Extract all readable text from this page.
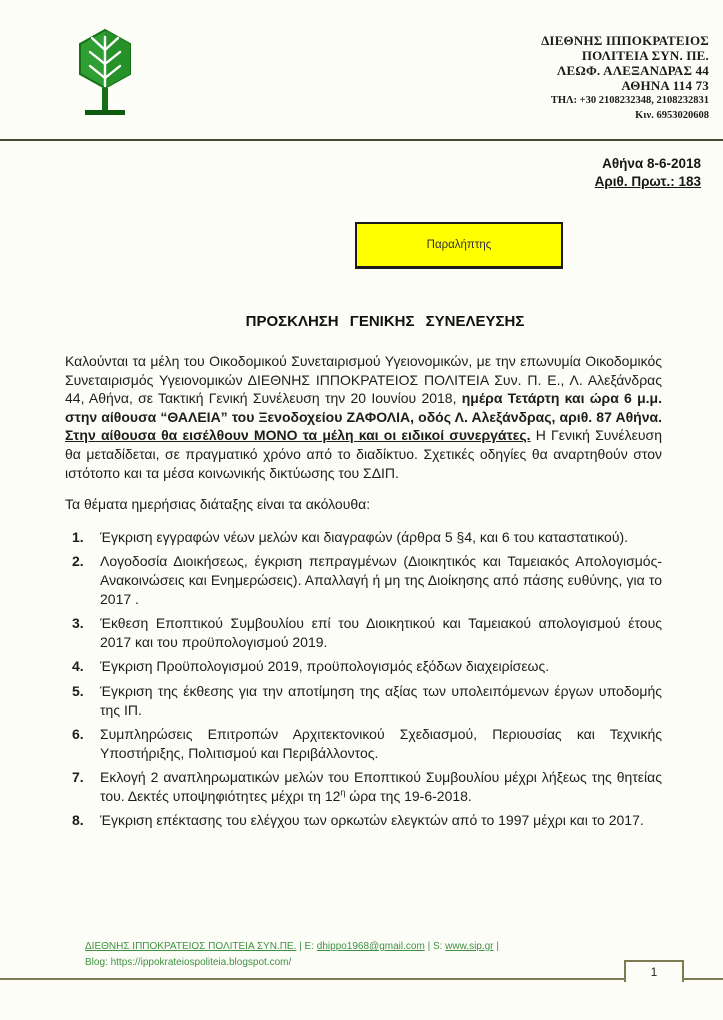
ΔΙΕΘΝΗΣ ΙΠΠΟΚΡΑΤΕΙΟΣ
ΠΟΛΙΤΕΙΑ ΣΥΝ. ΠΕ.
ΛΕΩΦ. ΑΛΕΞΑΝΔΡΑΣ 44
ΑΘΗΝΑ 114 73
ΤΗΛ: +30 2108232348, 2108232831
Κιν. 6953020608
Αθήνα 8-6-2018
Αριθ. Πρωτ.: 183
Παραλήπτης
ΠΡΟΣΚΛΗΣΗ ΓΕΝΙΚΗΣ ΣΥΝΕΛΕΥΣΗΣ

Καλούνται τα μέλη του Οικοδομικού Συνεταιρισμού Υγειονομικών, με την επωνυμία Οικοδομικός Συνεταιρισμός Υγειονομικών ΔΙΕΘΝΗΣ ΙΠΠΟΚΡΑΤΕΙΟΣ ΠΟΛΙΤΕΙΑ Συν. Π. Ε., Λ. Αλεξάνδρας 44, Αθήνα, σε Τακτική Γενική Συνέλευση την 20 Ιουνίου 2018, ημέρα Τετάρτη και ώρα 6 μ.μ. στην αίθουσα “ΘΑΛΕΙΑ” του Ξενοδοχείου ΖΑΦΟΛΙΑ, οδός Λ. Αλεξάνδρας, αριθ. 87 Αθήνα. Στην αίθουσα θα εισέλθουν ΜΟΝΟ τα μέλη και οι ειδικοί συνεργάτες. Η Γενική Συνέλευση θα μεταδίδεται, σε πραγματικό χρόνο από το διαδίκτυο. Σχετικές οδηγίες θα αναρτηθούν στον ιστότοπο και τα μέσα κοινωνικής δικτύωσης του ΣΔΙΠ.

Τα θέματα ημερήσιας διάταξης είναι τα ακόλουθα:
1.	Έγκριση εγγραφών νέων μελών και διαγραφών (άρθρα 5 §4, και 6 του καταστατικού).
2.	Λογοδοσία Διοικήσεως, έγκριση πεπραγμένων (Διοικητικός και Ταμειακός Απολογισμός-Ανακοινώσεις και Ενημερώσεις). Απαλλαγή ή μη της Διοίκησης από πάσης ευθύνης, για το 2017 .
3.	Έκθεση Εποπτικού Συμβουλίου επί του Διοικητικού και Ταμειακού απολογισμού έτους 2017 και του προϋπολογισμού 2019.
4.	Έγκριση Προϋπολογισμού 2019, προϋπολογισμός εξόδων διαχειρίσεως.
5.	Έγκριση της έκθεσης για την αποτίμηση της αξίας των υπολειπόμενων έργων υποδομής της ΙΠ.
6.	Συμπληρώσεις Επιτροπών Αρχιτεκτονικού Σχεδιασμού, Περιουσίας και Τεχνικής Υποστήριξης, Πολιτισμού και Περιβάλλοντος.
7.	Εκλογή 2 αναπληρωματικών μελών του Εποπτικού Συμβουλίου μέχρι λήξεως της θητείας του. Δεκτές υποψηφιότητες μέχρι τη $12^\eta$ ώρα της 19-6-2018.
8.	Έγκριση επέκτασης του ελέγχου των ορκωτών ελεγκτών από το 1997 μέχρι και το 2017.
ΔΙΕΘΝΗΣ ΙΠΠΟΚΡΑΤΕΙΟΣ ΠΟΛΙΤΕΙΑ ΣΥΝ.ΠΕ. | Ε: dhippo1968@gmail.com | S: www.sip.gr |
Blog: https://ippokrateiospoliteia.blogspot.com/
1
